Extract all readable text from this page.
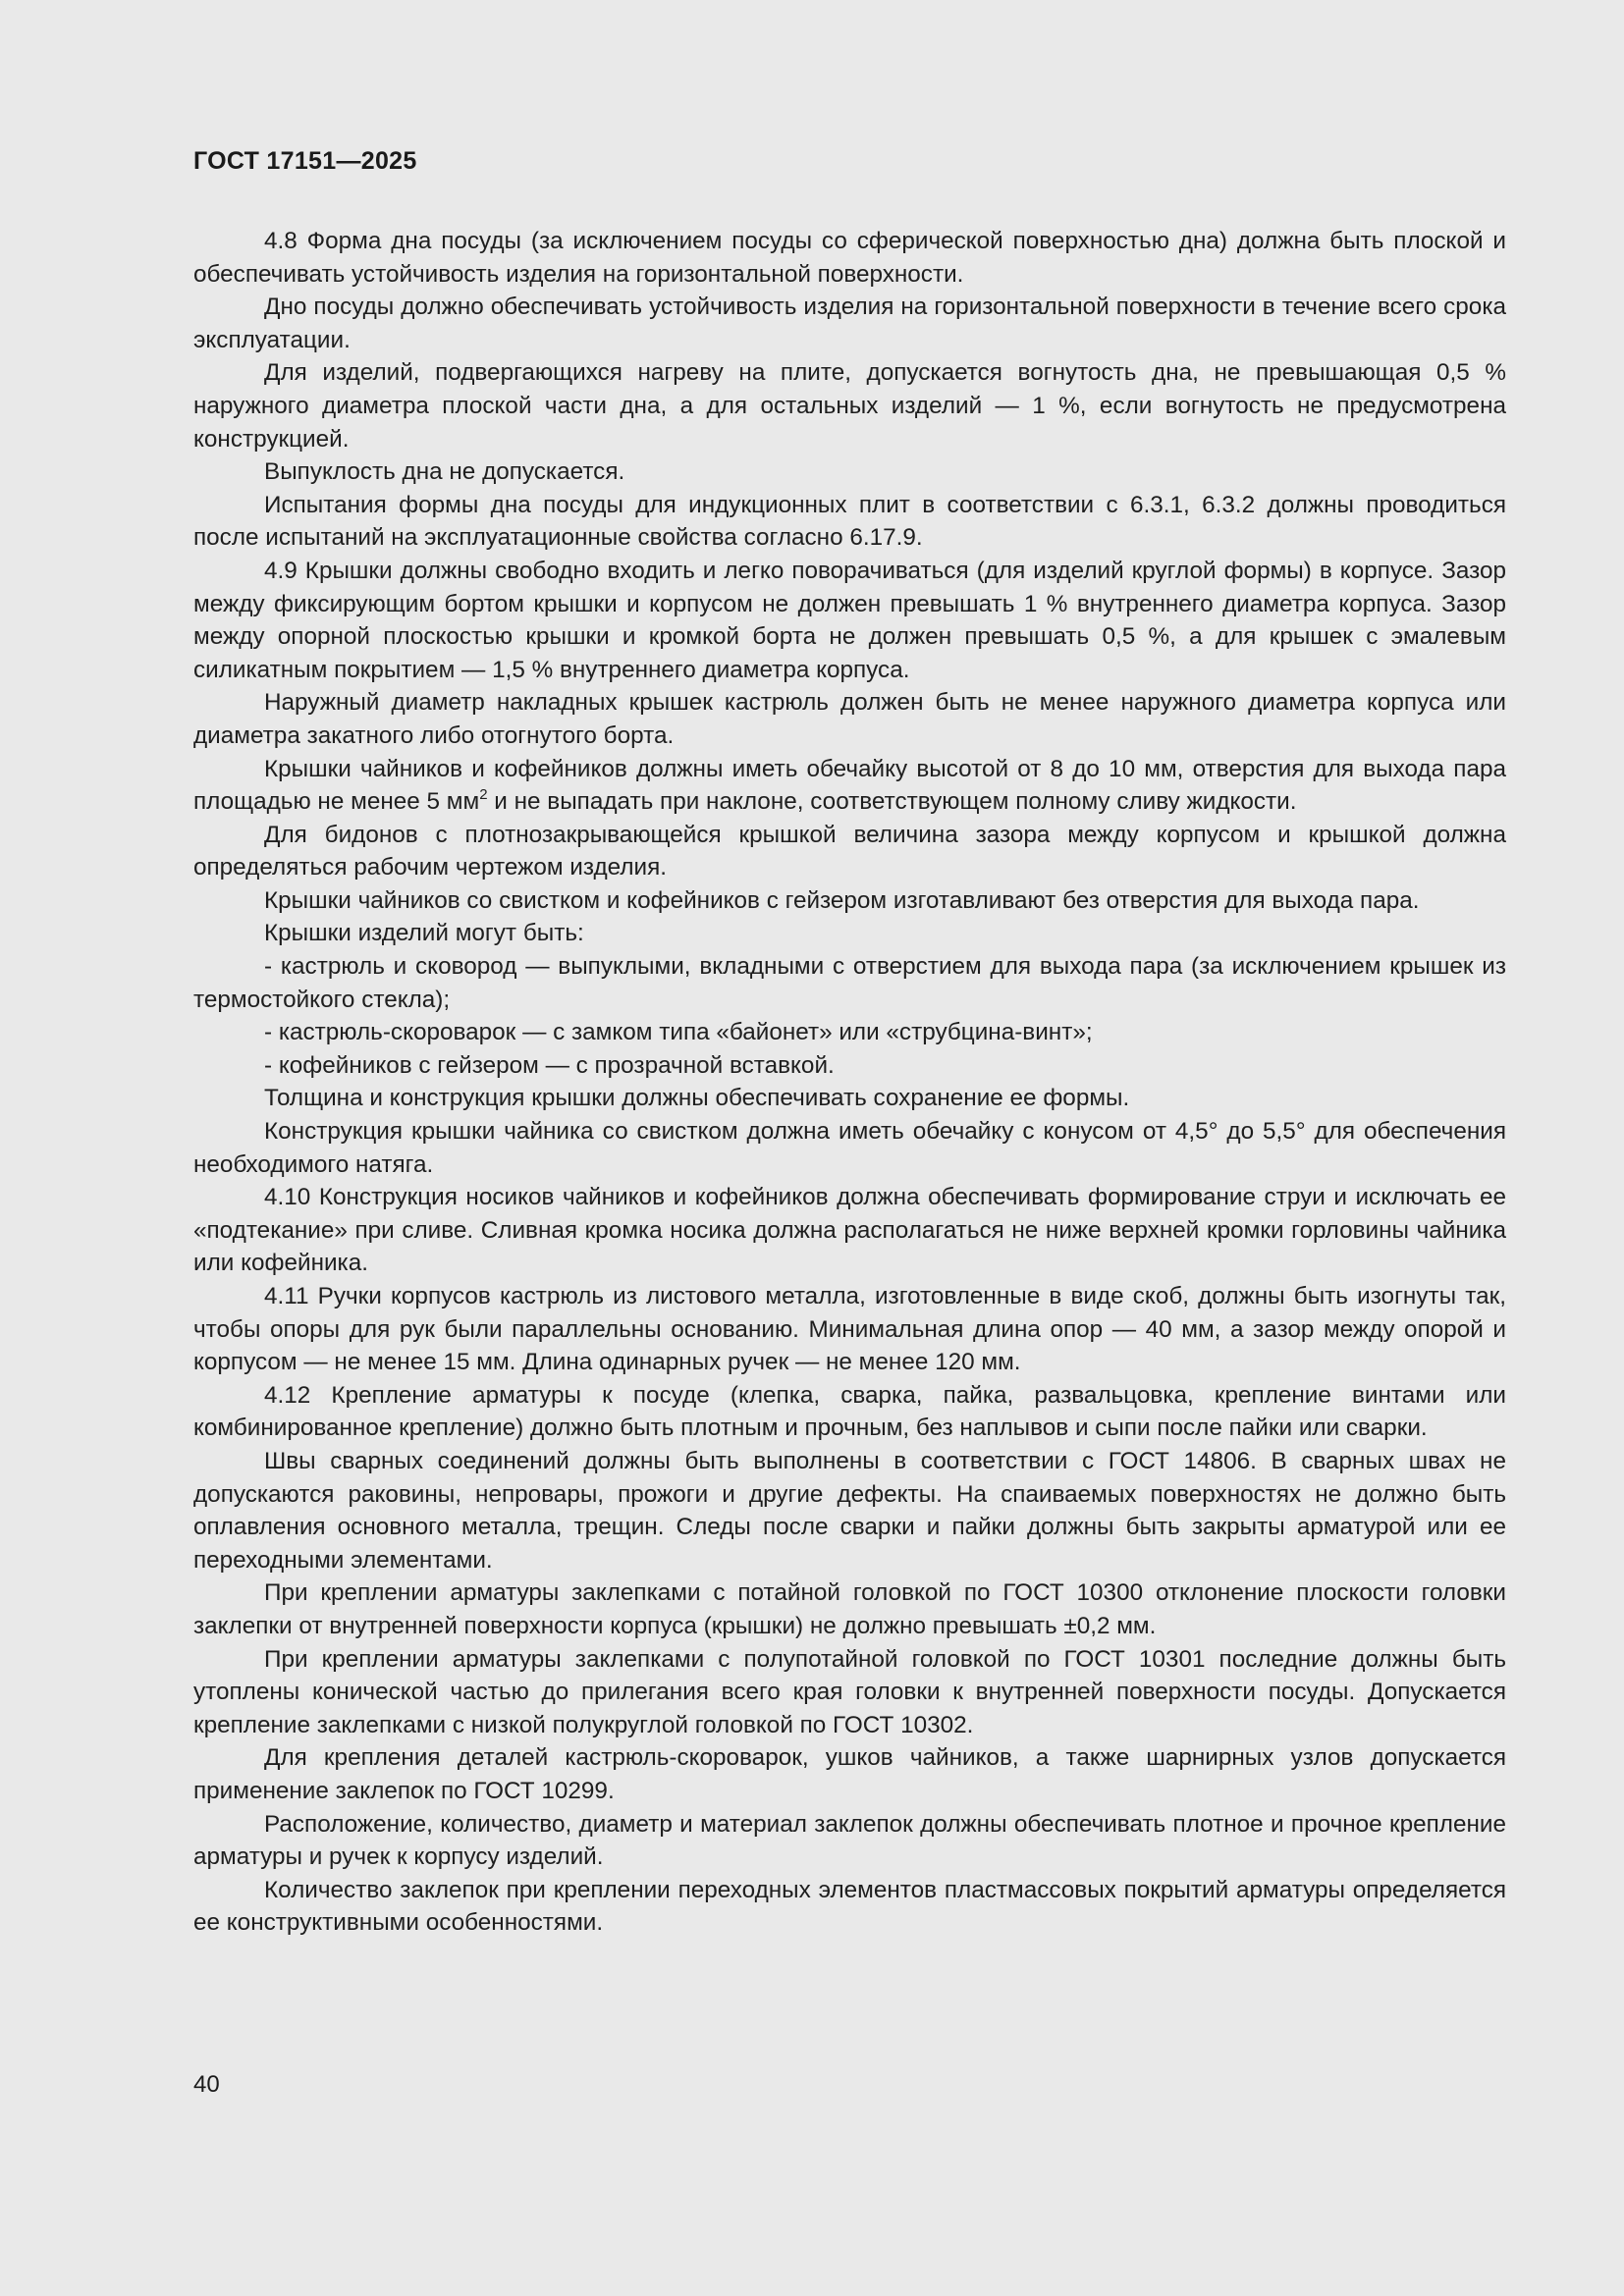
ГОСТ 17151—2025

4.8 Форма дна посуды (за исключением посуды со сферической поверхностью дна) должна быть плоской и обеспечивать устойчивость изделия на горизонтальной поверхности.

Дно посуды должно обеспечивать устойчивость изделия на горизонтальной поверхности в течение всего срока эксплуатации.

Для изделий, подвергающихся нагреву на плите, допускается вогнутость дна, не превышающая 0,5 % наружного диаметра плоской части дна, а для остальных изделий — 1 %, если вогнутость не предусмотрена конструкцией.

Выпуклость дна не допускается.

Испытания формы дна посуды для индукционных плит в соответствии с 6.3.1, 6.3.2 должны проводиться после испытаний на эксплуатационные свойства согласно 6.17.9.

4.9 Крышки должны свободно входить и легко поворачиваться (для изделий круглой формы) в корпусе. Зазор между фиксирующим бортом крышки и корпусом не должен превышать 1 % внутреннего диаметра корпуса. Зазор между опорной плоскостью крышки и кромкой борта не должен превышать 0,5 %, а для крышек с эмалевым силикатным покрытием — 1,5 % внутреннего диаметра корпуса.

Наружный диаметр накладных крышек кастрюль должен быть не менее наружного диаметра корпуса или диаметра закатного либо отогнутого борта.

Крышки чайников и кофейников должны иметь обечайку высотой от 8 до 10 мм, отверстия для выхода пара площадью не менее 5 $мм^2$ и не выпадать при наклоне, соответствующем полному сливу жидкости.

Для бидонов с плотнозакрывающейся крышкой величина зазора между корпусом и крышкой должна определяться рабочим чертежом изделия.

Крышки чайников со свистком и кофейников с гейзером изготавливают без отверстия для выхода пара.

Крышки изделий могут быть:

- кастрюль и сковород — выпуклыми, вкладными с отверстием для выхода пара (за исключением крышек из термостойкого стекла);

- кастрюль-скороварок — с замком типа «байонет» или «струбцина-винт»;

- кофейников с гейзером — с прозрачной вставкой.

Толщина и конструкция крышки должны обеспечивать сохранение ее формы.

Конструкция крышки чайника со свистком должна иметь обечайку с конусом от 4,5° до 5,5° для обеспечения необходимого натяга.

4.10 Конструкция носиков чайников и кофейников должна обеспечивать формирование струи и исключать ее «подтекание» при сливе. Сливная кромка носика должна располагаться не ниже верхней кромки горловины чайника или кофейника.

4.11 Ручки корпусов кастрюль из листового металла, изготовленные в виде скоб, должны быть изогнуты так, чтобы опоры для рук были параллельны основанию. Минимальная длина опор — 40 мм, а зазор между опорой и корпусом — не менее 15 мм. Длина одинарных ручек — не менее 120 мм.

4.12 Крепление арматуры к посуде (клепка, сварка, пайка, развальцовка, крепление винтами или комбинированное крепление) должно быть плотным и прочным, без наплывов и сыпи после пайки или сварки.

Швы сварных соединений должны быть выполнены в соответствии с ГОСТ 14806. В сварных швах не допускаются раковины, непровары, прожоги и другие дефекты. На спаиваемых поверхностях не должно быть оплавления основного металла, трещин. Следы после сварки и пайки должны быть закрыты арматурой или ее переходными элементами.

При креплении арматуры заклепками с потайной головкой по ГОСТ 10300 отклонение плоскости головки заклепки от внутренней поверхности корпуса (крышки) не должно превышать ±0,2 мм.

При креплении арматуры заклепками с полупотайной головкой по ГОСТ 10301 последние должны быть утоплены конической частью до прилегания всего края головки к внутренней поверхности посуды. Допускается крепление заклепками с низкой полукруглой головкой по ГОСТ 10302.

Для крепления деталей кастрюль-скороварок, ушков чайников, а также шарнирных узлов допускается применение заклепок по ГОСТ 10299.

Расположение, количество, диаметр и материал заклепок должны обеспечивать плотное и прочное крепление арматуры и ручек к корпусу изделий.

Количество заклепок при креплении переходных элементов пластмассовых покрытий арматуры определяется ее конструктивными особенностями.

40
